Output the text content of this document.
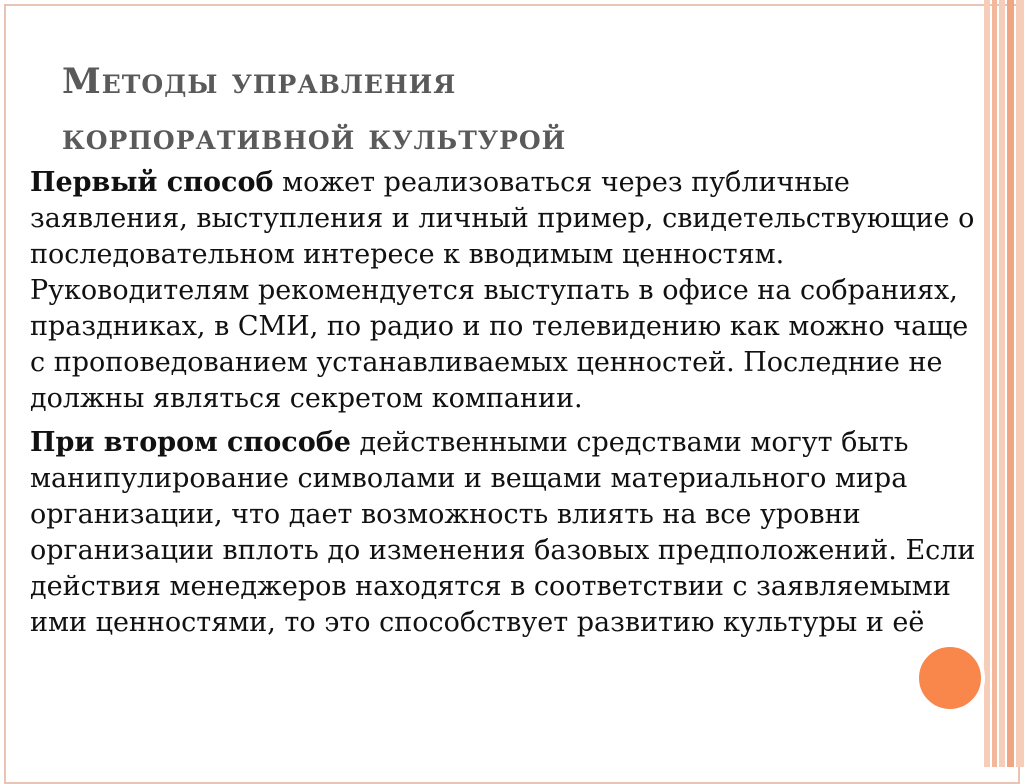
Методы управления
корпоративной культурой

Первый способ может реализоваться через публичные заявления, выступления и личный пример, свидетельствующие о последовательном интересе к вводимым ценностям. Руководителям рекомендуется выступать в офисе на собраниях, праздниках, в СМИ, по радио и по телевидению как можно чаще с проповедованием устанавливаемых ценностей. Последние не должны являться секретом компании.

При втором способе действенными средствами могут быть манипулирование символами и вещами материального мира организации, что дает возможность влиять на все уровни организации вплоть до изменения базовых предположений. Если действия менеджеров находятся в соответствии с заявляемыми ими ценностями, то это способствует развитию культуры и её
